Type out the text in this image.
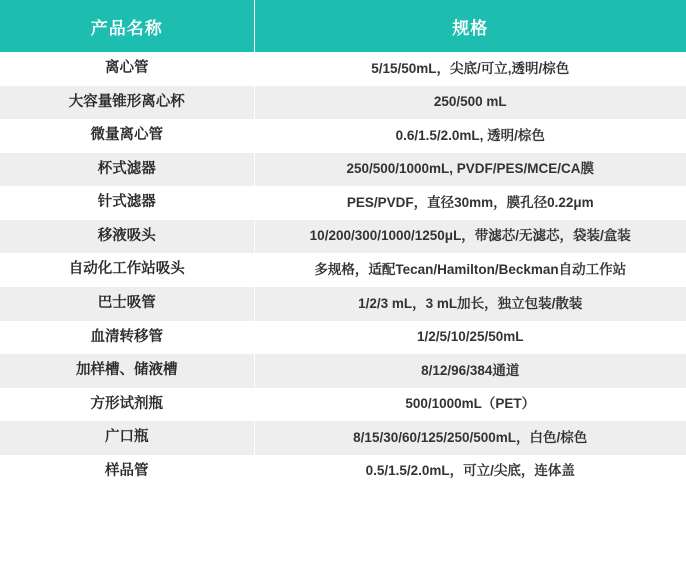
产品名称	规格
离心管	5/15/50mL，尖底/可立,透明/棕色
大容量锥形离心杯	250/500 mL
微量离心管	0.6/1.5/2.0mL, 透明/棕色
杯式滤器	250/500/1000mL, PVDF/PES/MCE/CA膜
针式滤器	PES/PVDF，直径30mm，膜孔径0.22μm
移液吸头	10/200/300/1000/1250μL，带滤芯/无滤芯，袋装/盒装
自动化工作站吸头	多规格，适配Tecan/Hamilton/Beckman自动工作站
巴士吸管	1/2/3 mL，3 mL加长，独立包装/散装
血清转移管	1/2/5/10/25/50mL
加样槽、储液槽	8/12/96/384通道
方形试剂瓶	500/1000mL（PET）
广口瓶	8/15/30/60/125/250/500mL，白色/棕色
样品管	0.5/1.5/2.0mL，可立/尖底，连体盖
